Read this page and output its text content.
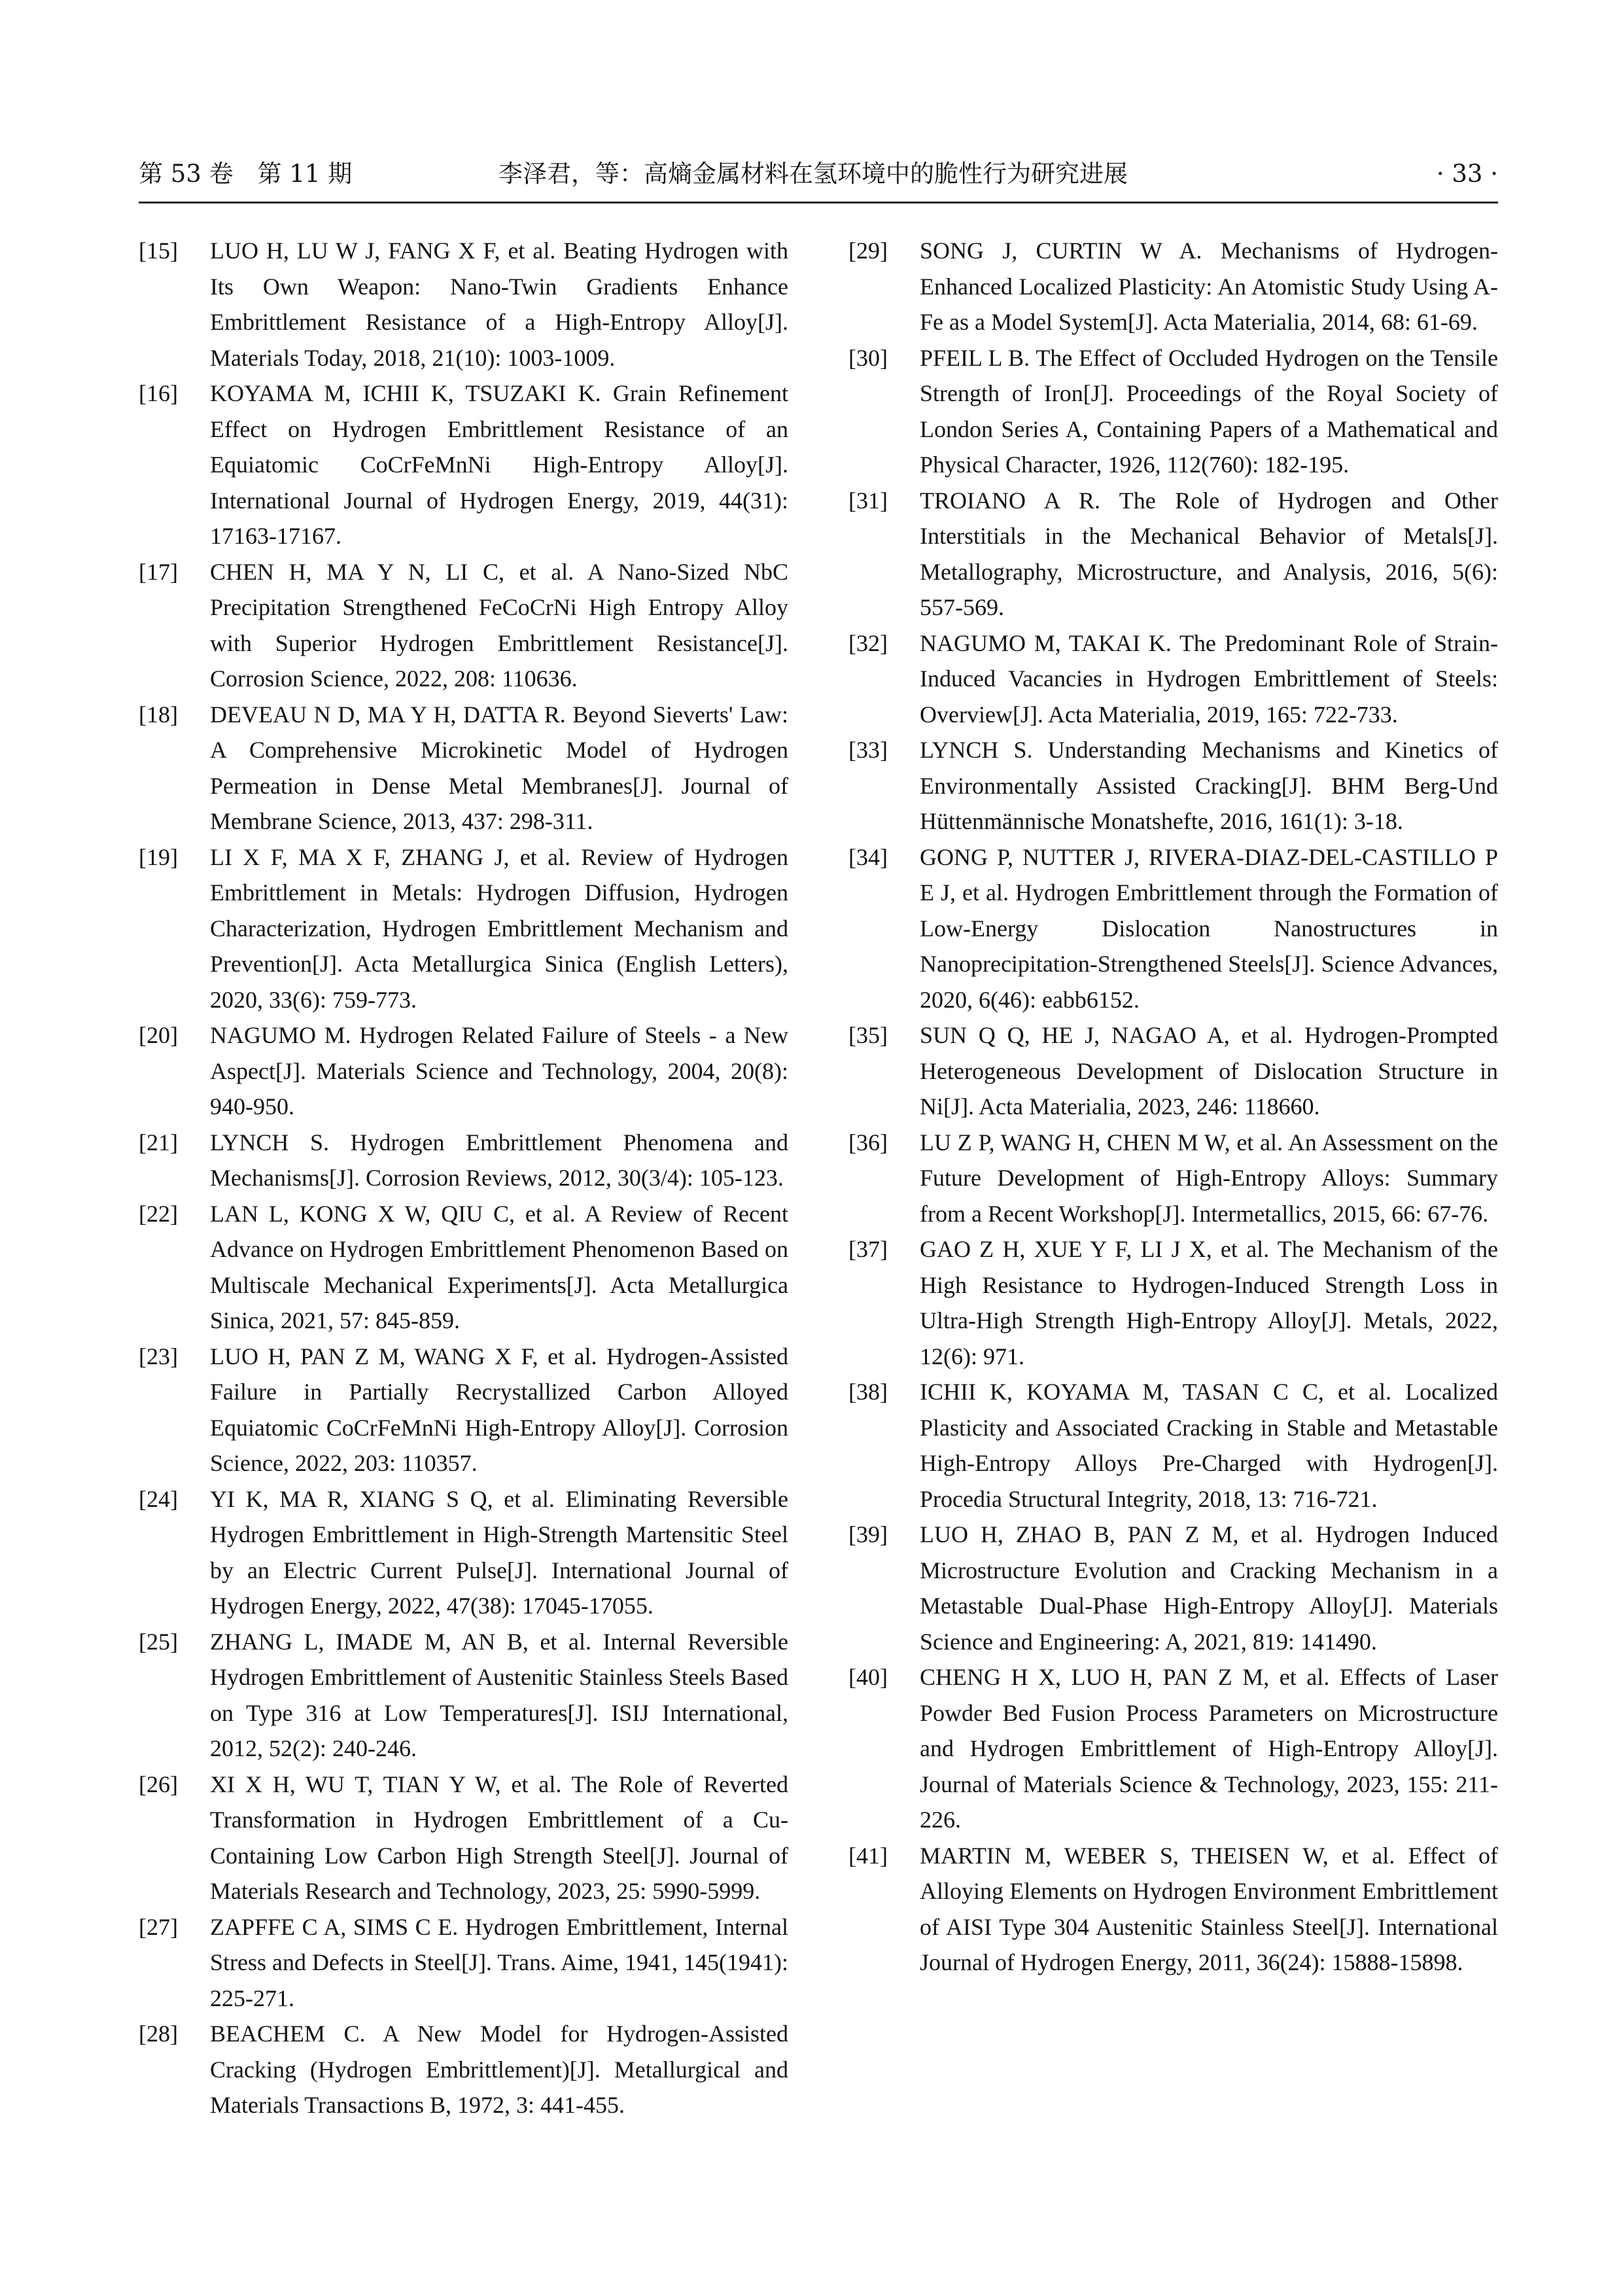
第 53 卷　第 11 期	李泽君，等：高熵金属材料在氢环境中的脆性行为研究进展	· 33 ·

[15] LUO H, LU W J, FANG X F, et al. Beating Hydrogen with Its Own Weapon: Nano-Twin Gradients Enhance Embrittlement Resistance of a High-Entropy Alloy[J]. Materials Today, 2018, 21(10): 1003-1009.

[16] KOYAMA M, ICHII K, TSUZAKI K. Grain Refinement Effect on Hydrogen Embrittlement Resistance of an Equiatomic CoCrFeMnNi High-Entropy Alloy[J]. International Journal of Hydrogen Energy, 2019, 44(31): 17163-17167.

[17] CHEN H, MA Y N, LI C, et al. A Nano-Sized NbC Precipitation Strengthened FeCoCrNi High Entropy Alloy with Superior Hydrogen Embrittlement Resistance[J]. Corrosion Science, 2022, 208: 110636.

[18] DEVEAU N D, MA Y H, DATTA R. Beyond Sieverts' Law: A Comprehensive Microkinetic Model of Hydrogen Permeation in Dense Metal Membranes[J]. Journal of Membrane Science, 2013, 437: 298-311.

[19] LI X F, MA X F, ZHANG J, et al. Review of Hydrogen Embrittlement in Metals: Hydrogen Diffusion, Hydrogen Characterization, Hydrogen Embrittlement Mechanism and Prevention[J]. Acta Metallurgica Sinica (English Letters), 2020, 33(6): 759-773.

[20] NAGUMO M. Hydrogen Related Failure of Steels - a New Aspect[J]. Materials Science and Technology, 2004, 20(8): 940-950.

[21] LYNCH S. Hydrogen Embrittlement Phenomena and Mechanisms[J]. Corrosion Reviews, 2012, 30(3/4): 105-123.

[22] LAN L, KONG X W, QIU C, et al. A Review of Recent Advance on Hydrogen Embrittlement Phenomenon Based on Multiscale Mechanical Experiments[J]. Acta Metallurgica Sinica, 2021, 57: 845-859.

[23] LUO H, PAN Z M, WANG X F, et al. Hydrogen-Assisted Failure in Partially Recrystallized Carbon Alloyed Equiatomic CoCrFeMnNi High-Entropy Alloy[J]. Corrosion Science, 2022, 203: 110357.

[24] YI K, MA R, XIANG S Q, et al. Eliminating Reversible Hydrogen Embrittlement in High-Strength Martensitic Steel by an Electric Current Pulse[J]. International Journal of Hydrogen Energy, 2022, 47(38): 17045-17055.

[25] ZHANG L, IMADE M, AN B, et al. Internal Reversible Hydrogen Embrittlement of Austenitic Stainless Steels Based on Type 316 at Low Temperatures[J]. ISIJ International, 2012, 52(2): 240-246.

[26] XI X H, WU T, TIAN Y W, et al. The Role of Reverted Transformation in Hydrogen Embrittlement of a Cu-Containing Low Carbon High Strength Steel[J]. Journal of Materials Research and Technology, 2023, 25: 5990-5999.

[27] ZAPFFE C A, SIMS C E. Hydrogen Embrittlement, Internal Stress and Defects in Steel[J]. Trans. Aime, 1941, 145(1941): 225-271.

[28] BEACHEM C. A New Model for Hydrogen-Assisted Cracking (Hydrogen Embrittlement)[J]. Metallurgical and Materials Transactions B, 1972, 3: 441-455.

[29] SONG J, CURTIN W A. Mechanisms of Hydrogen-Enhanced Localized Plasticity: An Atomistic Study Using A-Fe as a Model System[J]. Acta Materialia, 2014, 68: 61-69.

[30] PFEIL L B. The Effect of Occluded Hydrogen on the Tensile Strength of Iron[J]. Proceedings of the Royal Society of London Series A, Containing Papers of a Mathematical and Physical Character, 1926, 112(760): 182-195.

[31] TROIANO A R. The Role of Hydrogen and Other Interstitials in the Mechanical Behavior of Metals[J]. Metallography, Microstructure, and Analysis, 2016, 5(6): 557-569.

[32] NAGUMO M, TAKAI K. The Predominant Role of Strain-Induced Vacancies in Hydrogen Embrittlement of Steels: Overview[J]. Acta Materialia, 2019, 165: 722-733.

[33] LYNCH S. Understanding Mechanisms and Kinetics of Environmentally Assisted Cracking[J]. BHM Berg-Und Hüttenmännische Monatshefte, 2016, 161(1): 3-18.

[34] GONG P, NUTTER J, RIVERA-DIAZ-DEL-CASTILLO P E J, et al. Hydrogen Embrittlement through the Formation of Low-Energy Dislocation Nanostructures in Nanoprecipitation-Strengthened Steels[J]. Science Advances, 2020, 6(46): eabb6152.

[35] SUN Q Q, HE J, NAGAO A, et al. Hydrogen-Prompted Heterogeneous Development of Dislocation Structure in Ni[J]. Acta Materialia, 2023, 246: 118660.

[36] LU Z P, WANG H, CHEN M W, et al. An Assessment on the Future Development of High-Entropy Alloys: Summary from a Recent Workshop[J]. Intermetallics, 2015, 66: 67-76.

[37] GAO Z H, XUE Y F, LI J X, et al. The Mechanism of the High Resistance to Hydrogen-Induced Strength Loss in Ultra-High Strength High-Entropy Alloy[J]. Metals, 2022, 12(6): 971.

[38] ICHII K, KOYAMA M, TASAN C C, et al. Localized Plasticity and Associated Cracking in Stable and Metastable High-Entropy Alloys Pre-Charged with Hydrogen[J]. Procedia Structural Integrity, 2018, 13: 716-721.

[39] LUO H, ZHAO B, PAN Z M, et al. Hydrogen Induced Microstructure Evolution and Cracking Mechanism in a Metastable Dual-Phase High-Entropy Alloy[J]. Materials Science and Engineering: A, 2021, 819: 141490.

[40] CHENG H X, LUO H, PAN Z M, et al. Effects of Laser Powder Bed Fusion Process Parameters on Microstructure and Hydrogen Embrittlement of High-Entropy Alloy[J]. Journal of Materials Science & Technology, 2023, 155: 211-226.

[41] MARTIN M, WEBER S, THEISEN W, et al. Effect of Alloying Elements on Hydrogen Environment Embrittlement of AISI Type 304 Austenitic Stainless Steel[J]. International Journal of Hydrogen Energy, 2011, 36(24): 15888-15898.
